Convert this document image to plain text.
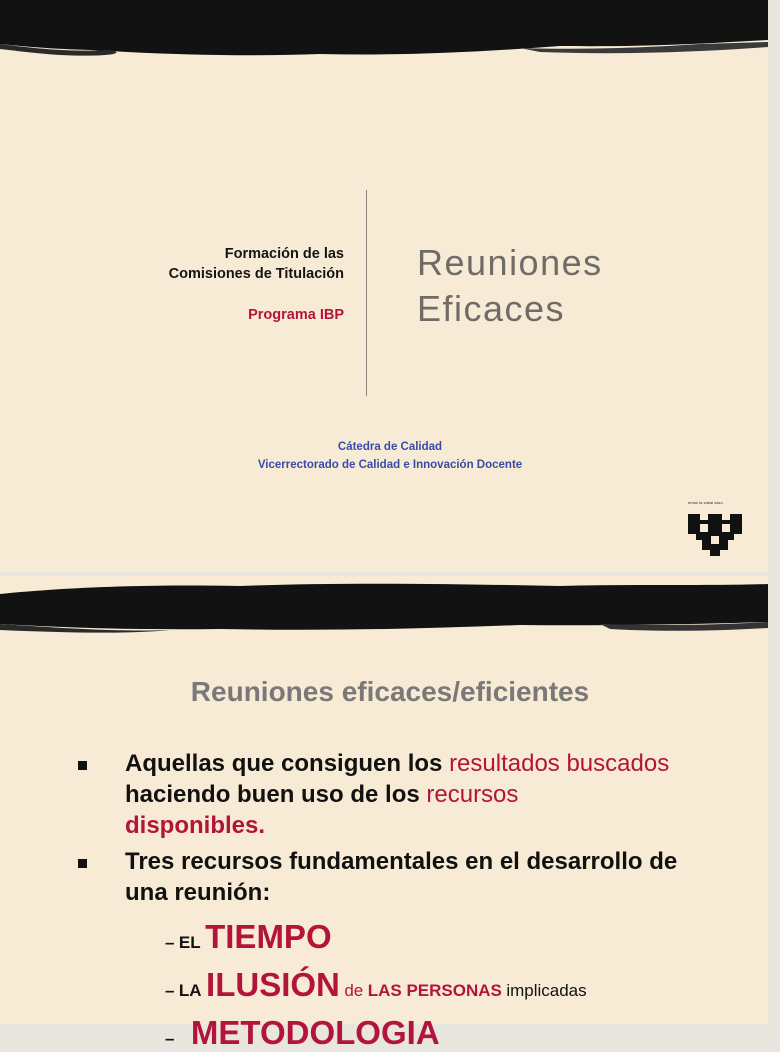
Formación de las
Comisiones de Titulación
Programa IBP
Reuniones
Eficaces
Cátedra de Calidad
Vicerrectorado de Calidad e Innovación Docente
eman ta zabal zazu
Reuniones eficaces/eficientes
Aquellas que consiguen los resultados buscados haciendo buen uso de los recursos
disponibles.
Tres recursos fundamentales en el desarrollo de una reunión:
– EL TIEMPO
– LA ILUSIÓN de LAS PERSONAS implicadas
– METODOLOGIA
